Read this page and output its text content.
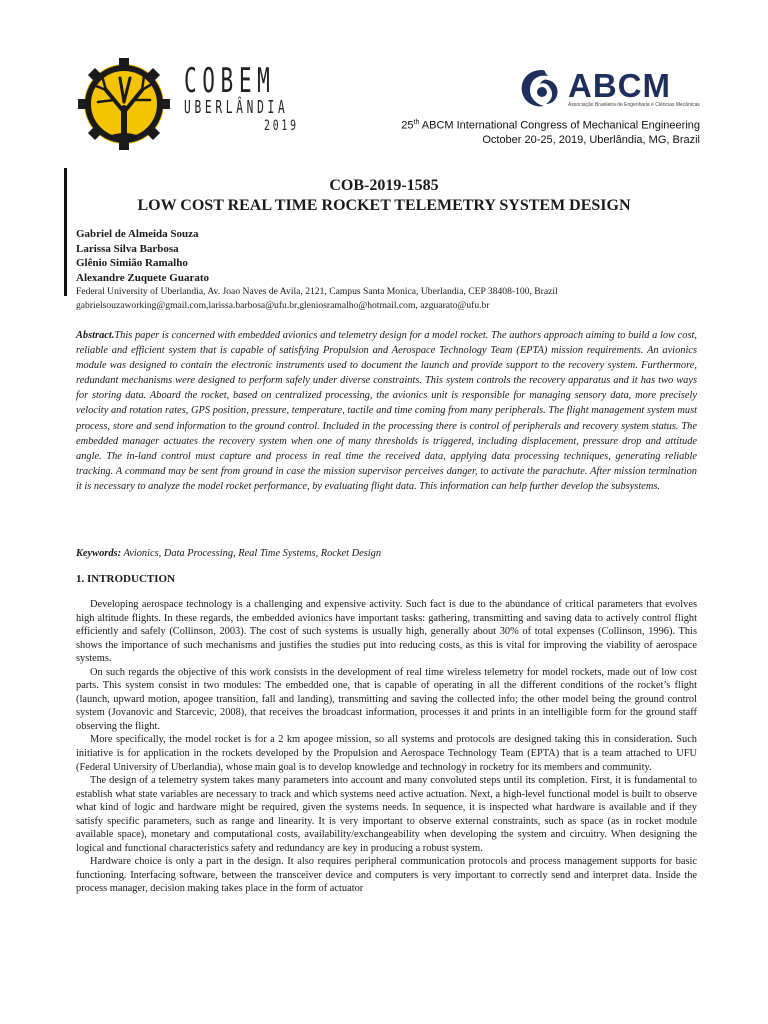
COBEM
UBERLÂNDIA
2019
ABCM
Associação Brasileira de Engenharia e Ciências Mecânicas
25th ABCM International Congress of Mechanical Engineering
October 20-25, 2019, Uberlândia, MG, Brazil
COB-2019-1585
LOW COST REAL TIME ROCKET TELEMETRY SYSTEM DESIGN
Gabriel de Almeida Souza
Larissa Silva Barbosa
Glênio Simião Ramalho
Alexandre Zuquete Guarato
Federal University of Uberlandia, Av. Joao Naves de Avila, 2121, Campus Santa Monica, Uberlandia, CEP 38408-100, Brazil
gabrielsouzaworking@gmail.com,larissa.barbosa@ufu.br,gleniosramalho@hotmail.com, azguarato@ufu.br
Abstract.This paper is concerned with embedded avionics and telemetry design for a model rocket. The authors approach aiming to build a low cost, reliable and efficient system that is capable of satisfying Propulsion and Aerospace Technology Team (EPTA) mission requirements. An avionics module was designed to contain the electronic instruments used to document the launch and provide support to the recovery system. Furthermore, redundant mechanisms were designed to perform safely under diverse constraints. This system controls the recovery apparatus and it has two ways for storing data. Aboard the rocket, based on centralized processing, the avionics unit is responsible for managing sensory data, more precisely velocity and rotation rates, GPS position, pressure, temperature, tactile and time coming from many peripherals. The flight management system must process, store and send information to the ground control. Included in the processing there is control of peripherals and recovery system status. The embedded manager actuates the recovery system when one of many thresholds is triggered, including displacement, pressure drop and attitude angle. The in-land control must capture and process in real time the received data, applying data processing techniques, generating reliable tracking. A command may be sent from ground in case the mission supervisor perceives danger, to activate the parachute. After mission termination it is necessary to analyze the model rocket performance, by evaluating flight data. This information can help further develop the subsystems.
Keywords: Avionics, Data Processing, Real Time Systems, Rocket Design
1. INTRODUCTION

Developing aerospace technology is a challenging and expensive activity. Such fact is due to the abundance of critical parameters that evolves high altitude flights. In these regards, the embedded avionics have important tasks: gathering, transmitting and saving data to actively control flight efficiently and safely (Collinson, 2003). The cost of such systems is usually high, generally about 30% of total expenses (Collinson, 1996). This shows the importance of such mechanisms and justifies the studies put into reducing costs, as this is vital for improving the viability of aerospace systems.

On such regards the objective of this work consists in the development of real time wireless telemetry for model rockets, made out of low cost parts. This system consist in two modules: The embedded one, that is capable of operating in all the different conditions of the rocket’s flight (launch, upward motion, apogee transition, fall and landing), transmitting and saving the collected info; the other model being the ground control system (Jovanovic and Starcevic, 2008), that receives the broadcast information, processes it and prints in an intelligible form for the ground staff observing the flight.

More specifically, the model rocket is for a 2 km apogee mission, so all systems and protocols are designed taking this in consideration. Such initiative is for application in the rockets developed by the Propulsion and Aerospace Technology Team (EPTA) that is a team attached to UFU (Federal University of Uberlandia), whose main goal is to develop knowledge and technology in rocketry for its members and community.

The design of a telemetry system takes many parameters into account and many convoluted steps until its completion. First, it is fundamental to establish what state variables are necessary to track and which systems need active actuation. Next, a high-level functional model is built to observe what kind of logic and hardware might be required, given the systems needs. In sequence, it is inspected what hardware is available and if they satisfy specific parameters, such as range and linearity. It is very important to observe external constraints, such as space (as in rocket module available space), monetary and computational costs, availability/exchangeability when developing the system and circuitry. When designing the logical and functional characteristics safety and redundancy are key in producing a robust system.

Hardware choice is only a part in the design. It also requires peripheral communication protocols and process management supports for basic functioning. Interfacing software, between the transceiver device and computers is very important to correctly send and interpret data. Inside the process manager, decision making takes place in the form of actuator
